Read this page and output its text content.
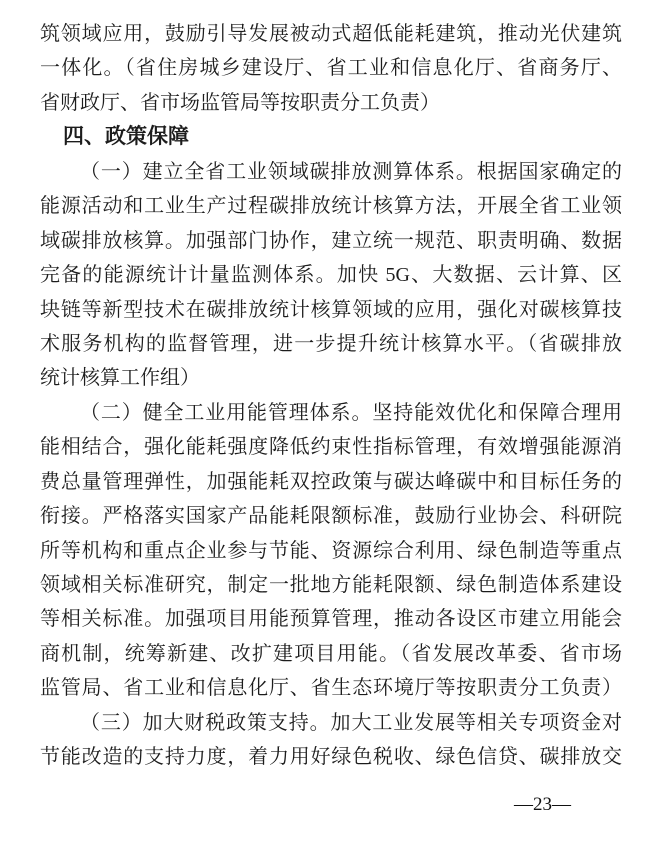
筑领域应用，鼓励引导发展被动式超低能耗建筑，推动光伏建筑
一体化。（省住房城乡建设厅、省工业和信息化厅、省商务厅、
省财政厅、省市场监管局等按职责分工负责）
四、政策保障
（一）建立全省工业领域碳排放测算体系。根据国家确定的
能源活动和工业生产过程碳排放统计核算方法，开展全省工业领
域碳排放核算。加强部门协作，建立统一规范、职责明确、数据
完备的能源统计计量监测体系。加快 5G、大数据、云计算、区
块链等新型技术在碳排放统计核算领域的应用，强化对碳核算技
术服务机构的监督管理，进一步提升统计核算水平。（省碳排放
统计核算工作组）
（二）健全工业用能管理体系。坚持能效优化和保障合理用
能相结合，强化能耗强度降低约束性指标管理，有效增强能源消
费总量管理弹性，加强能耗双控政策与碳达峰碳中和目标任务的
衔接。严格落实国家产品能耗限额标准，鼓励行业协会、科研院
所等机构和重点企业参与节能、资源综合利用、绿色制造等重点
领域相关标准研究，制定一批地方能耗限额、绿色制造体系建设
等相关标准。加强项目用能预算管理，推动各设区市建立用能会
商机制，统筹新建、改扩建项目用能。（省发展改革委、省市场
监管局、省工业和信息化厅、省生态环境厅等按职责分工负责）
（三）加大财税政策支持。加大工业发展等相关专项资金对
节能改造的支持力度，着力用好绿色税收、绿色信贷、碳排放交
—23—
